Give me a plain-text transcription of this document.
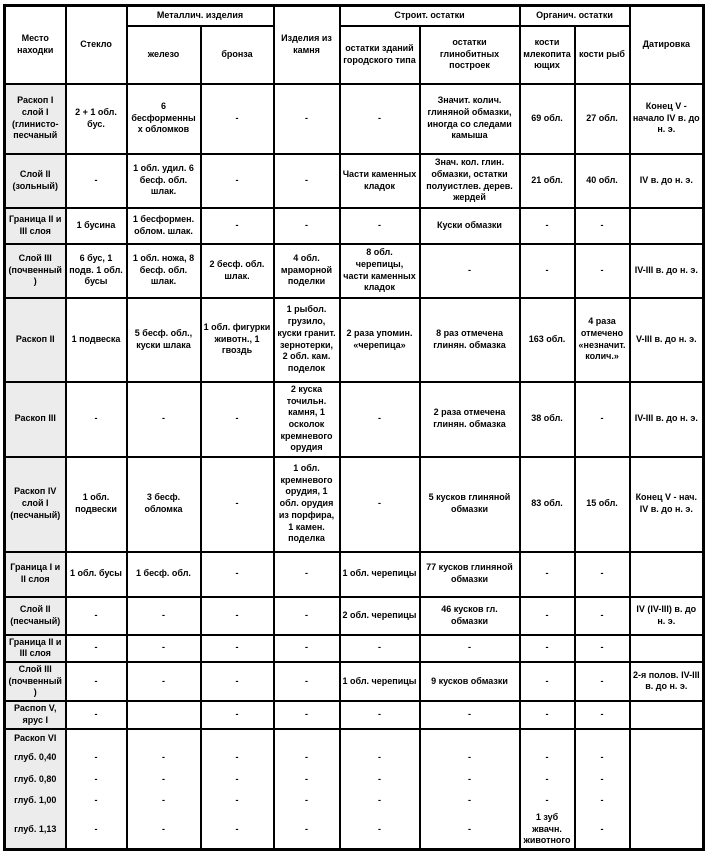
Место находки	Стекло	Металлич. изделия		Изделия из камня	Строит. остатки		Органич. остатки		Датировка
		железо	бронза		остатки зданий городского типа	остатки глинобитных построек	кости млекопита ющих	кости рыб	
Раскоп I слой I (глинисто-песчаный	2 + 1 обл. бус.	6 бесформенных обломков	-	-	-	Значит. колич. глиняной обмазки, иногда со следами камыша	69 обл.	27 обл.	Конец V - начало IV в. до н. э.
Слой II (зольный)	-	1 обл. удил. 6 бесф. обл. шлак.	-	-	Части каменных кладок	Знач. кол. глин. обмазки, остатки полуистлев. дерев. жердей	21 обл.	40 обл.	IV в. до н. э.
Граница II и III слоя	1 бусина	1 бесформен. облом. шлак.	-	-	-	Куски обмазки	-	-	
Слой III (почвенный)	6 бус, 1 подв. 1 обл. бусы	1 обл. ножа, 8 бесф. обл. шлак.	2 бесф. обл. шлак.	4 обл. мраморной поделки	8 обл. черепицы, части каменных кладок	-	-	-	IV-III в. до н. э.
Раскоп II	1 подвеска	5 бесф. обл., куски шлака	1 обл. фигурки животн., 1 гвоздь	1 рыбол. грузило, куски гранит. зернотерки, 2 обл. кам. поделок	2 раза упомин. «черепица»	8 раз отмечена глинян. обмазка	163 обл.	4 раза отмечено «незначит. колич.»	V-III в. до н. э.
Раскоп III	-	-	-	2 куска точильн. камня, 1 осколок кремневого орудия	-	2 раза отмечена глинян. обмазка	38 обл.	-	IV-III в. до н. э.
Раскоп IV слой I (песчаный)	1 обл. подвески	3 бесф. обломка	-	1 обл. кремневого орудия, 1 обл. орудия из порфира, 1 камен. поделка	-	5 кусков глиняной обмазки	83 обл.	15 обл.	Конец V - нач. IV в. до н. э.
Граница I и II слоя	1 обл. бусы	1 бесф. обл.	-	-	1 обл. черепицы	77 кусков глиняной обмазки	-	-	
Слой II (песчаный)	-	-	-	-	2 обл. черепицы	46 кусков гл. обмазки	-	-	IV (IV-III) в. до н. э.
Граница II и III слоя	-	-	-	-	-	-	-	-	
Слой III (почвенный)	-	-	-	-	1 обл. черепицы	9 кусков обмазки	-	-	2-я полов. IV-III в. до н. э.
Распоп V, ярус I	-		-	-	-	-	-	-	
Раскоп VI									
глуб. 0,40	-	-	-	-	-	-	-	-	
глуб. 0,80	-	-	-	-	-	-	-	-	
глуб. 1,00	-	-	-	-	-	-	-	-	
глуб. 1,13	-	-	-	-	-	-	1 зуб жвачн. животного	-	
